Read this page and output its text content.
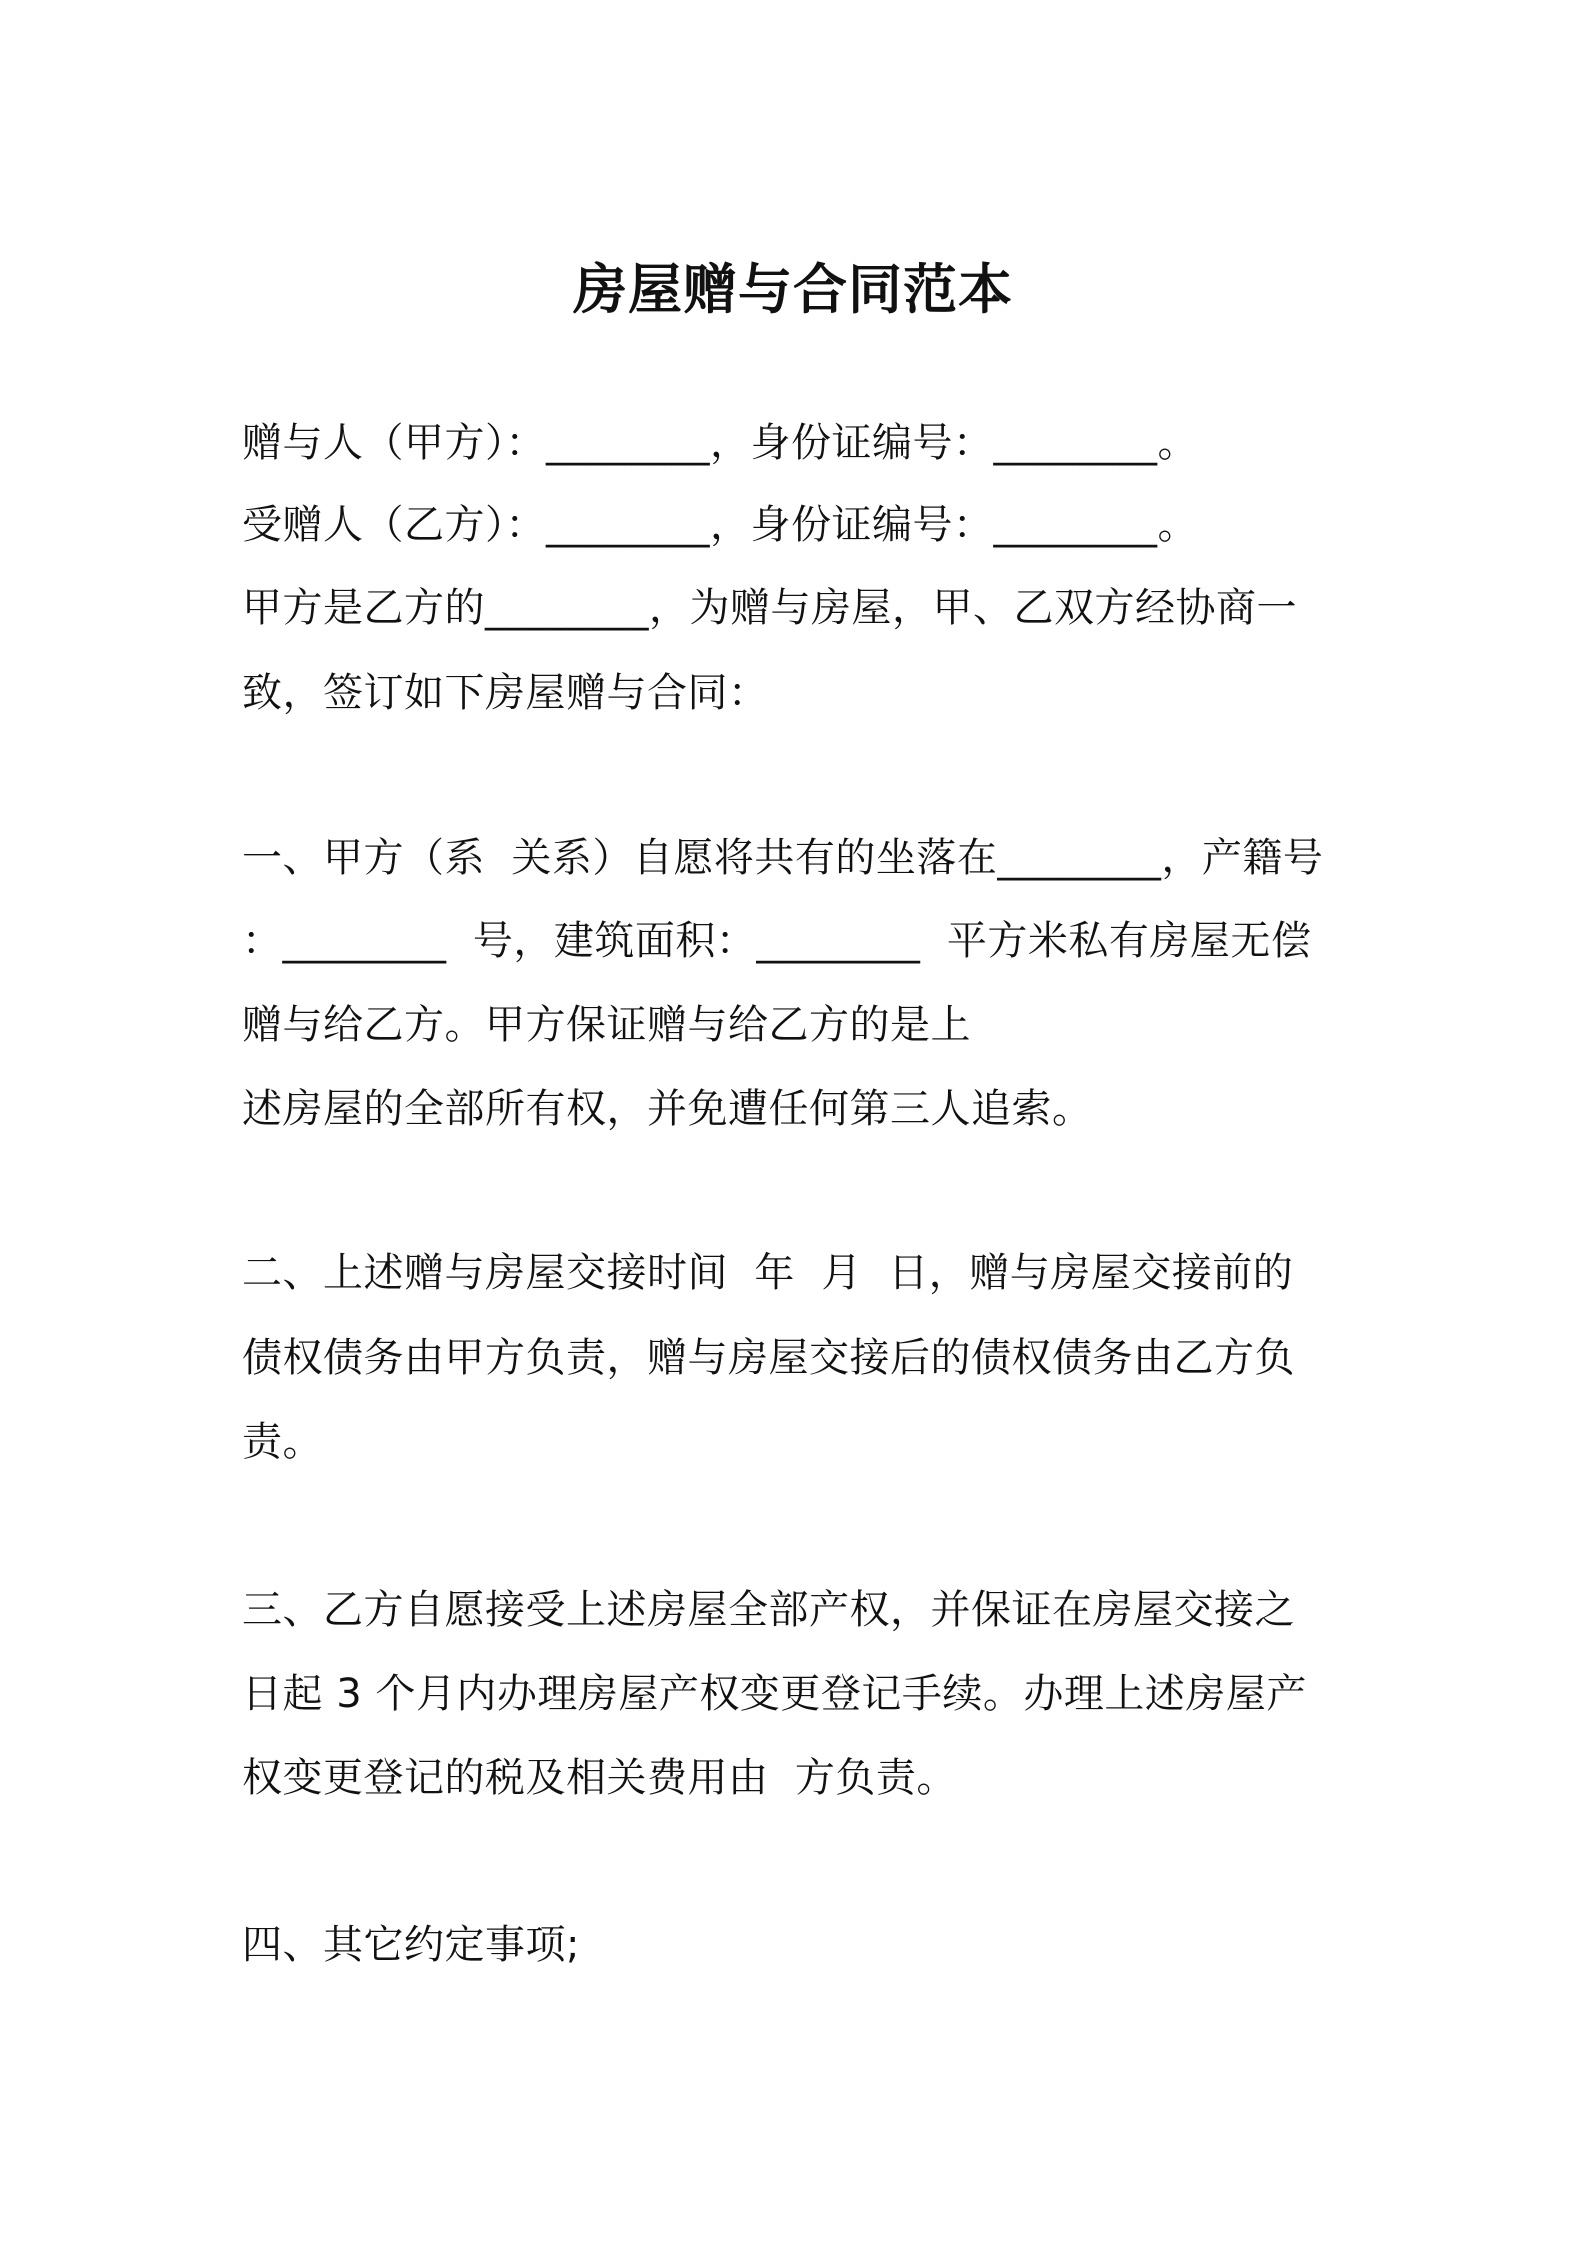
房屋赠与合同范本
赠与人（甲方）：________，身份证编号：________。
受赠人（乙方）：________，身份证编号：________。
甲方是乙方的________，为赠与房屋，甲、乙双方经协商一
致，签订如下房屋赠与合同：
一、甲方（系  关系）自愿将共有的坐落在________，产籍号
：________  号，建筑面积：________  平方米私有房屋无偿
赠与给乙方。甲方保证赠与给乙方的是上
述房屋的全部所有权，并免遭任何第三人追索。
二、上述赠与房屋交接时间  年  月  日，赠与房屋交接前的
债权债务由甲方负责，赠与房屋交接后的债权债务由乙方负
责。
三、乙方自愿接受上述房屋全部产权，并保证在房屋交接之
日起 3 个月内办理房屋产权变更登记手续。办理上述房屋产
权变更登记的税及相关费用由  方负责。
四、其它约定事项;
